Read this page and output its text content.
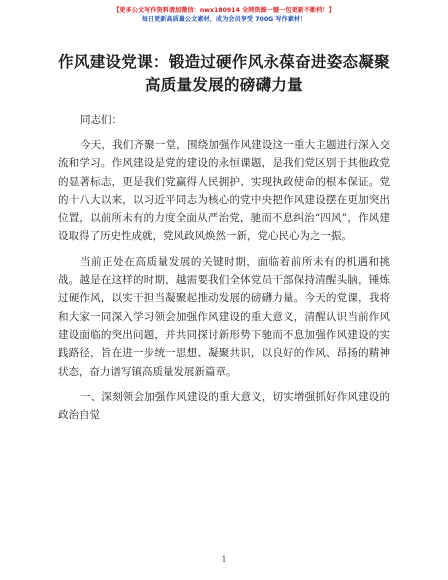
【更多公文写作资料请加微信：nwx180914 全网资源一键一包更新不断档！】
每日更新高质量公文素材，成为会员享受 700G 写作素材！
作风建设党课：锻造过硬作风永葆奋进姿态凝聚高质量发展的磅礴力量
同志们：
今天，我们齐聚一堂，围绕加强作风建设这一重大主题进行深入交流和学习。作风建设是党的建设的永恒课题，是我们党区别于其他政党的显著标志，更是我们党赢得人民拥护、实现执政使命的根本保证。党的十八大以来，以习近平同志为核心的党中央把作风建设摆在更加突出位置，以前所未有的力度全面从严治党，驰而不息纠治“四风”，作风建设取得了历史性成就，党风政风焕然一新，党心民心为之一振。
当前正处在高质量发展的关键时期，面临着前所未有的机遇和挑战。越是在这样的时期，越需要我们全体党员干部保持清醒头脑，锤炼过硬作风，以实干担当凝聚起推动发展的磅礴力量。今天的党课，我将和大家一同深入学习领会加强作风建设的重大意义，清醒认识当前作风建设面临的突出问题，并共同探讨新形势下驰而不息加强作风建设的实践路径，旨在进一步统一思想、凝聚共识，以良好的作风、昂扬的精神状态，奋力谱写镇高质量发展新篇章。
一、深刻领会加强作风建设的重大意义，切实增强抓好作风建设的政治自觉
1
